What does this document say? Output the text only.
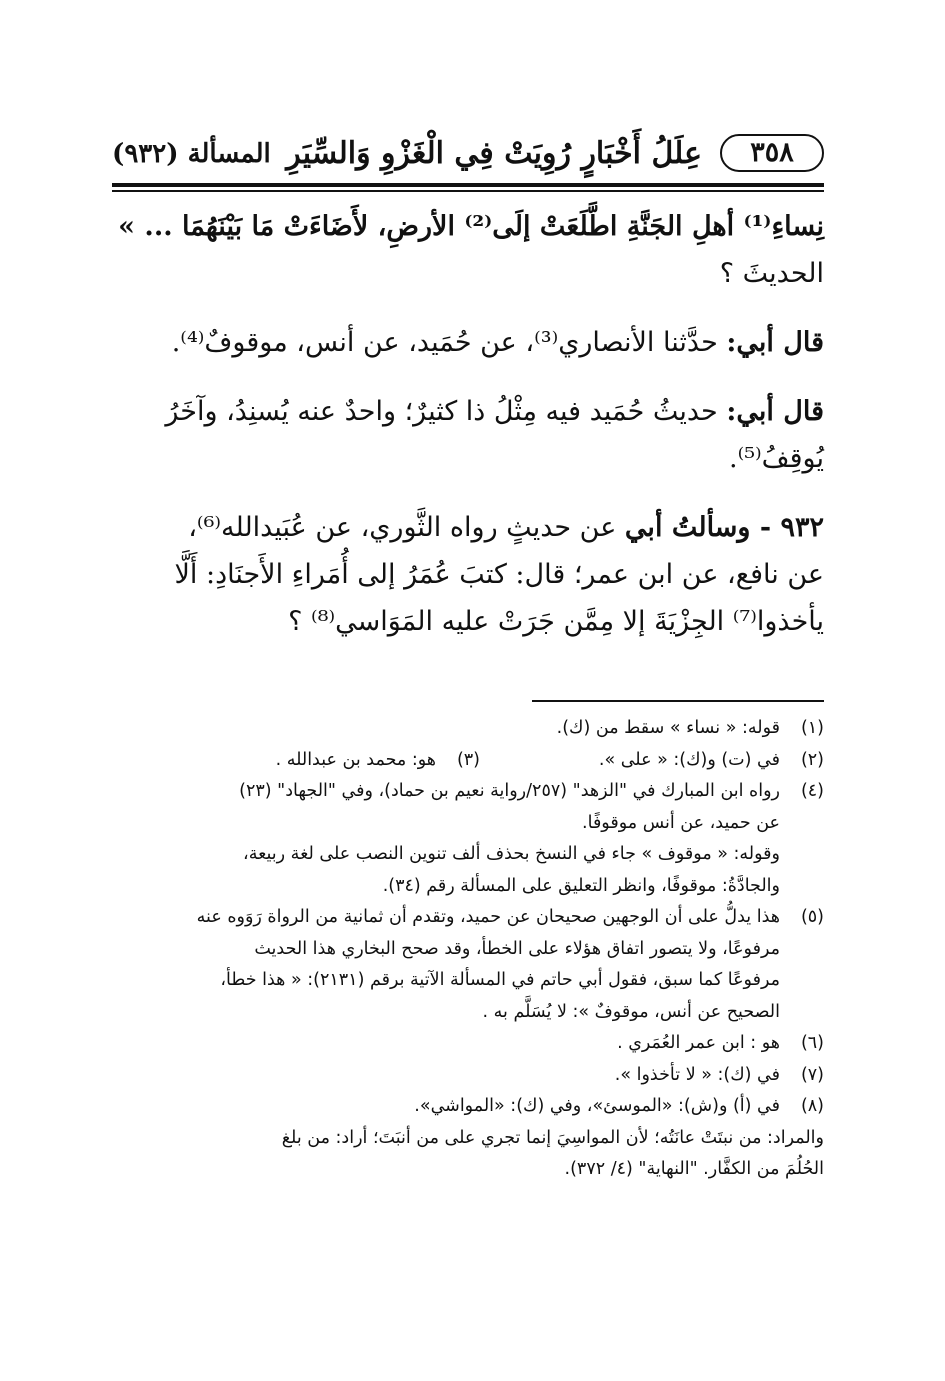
٣٥٨
عِلَلُ أَخْبَارٍ رُوِيَتْ فِي الْغَزْوِ وَالسِّيَرِ
المسألة (٩٣٢)
نِساءِ⁽¹⁾ أهلِ الجَنَّةِ اطَّلَعَتْ إلَى⁽²⁾ الأرضِ، لأَضَاءَتْ مَا بَيْنَهُمَا ... »
الحديثَ ؟
قال أبي: حدَّثنا الأنصاري⁽³⁾، عن حُمَيد، عن أنس، موقوفٌ⁽⁴⁾.
قال أبي: حديثُ حُمَيد فيه مِثْلُ ذا كثيرٌ؛ واحدٌ عنه يُسنِدُ، وآخَرُ
يُوقِفُ⁽⁵⁾.
٩٣٢ - وسألتُ أبي عن حديثٍ رواه الثَّوري، عن عُبَيدالله⁽⁶⁾،
عن نافع، عن ابن عمر؛ قال: كتبَ عُمَرُ إلى أُمَراءِ الأَجنَادِ: أَلَّا
يأخذوا⁽⁷⁾ الجِزْيَةَ إلا مِمَّن جَرَتْ عليه المَوَاسي⁽⁸⁾ ؟
(١)
قوله: « نساء » سقط من (ك).
(٢)
في (ت) و(ك): « على ».
(٣)
هو: محمد بن عبدالله .
(٤)
رواه ابن المبارك في "الزهد" (٢٥٧/رواية نعيم بن حماد)، وفي "الجهاد" (٢٣)
عن حميد، عن أنس موقوفًا.
وقوله: « موقوف » جاء في النسخ بحذف ألف تنوين النصب على لغة ربيعة،
والجادَّةُ: موقوفًا، وانظر التعليق على المسألة رقم (٣٤).
(٥)
هذا يدلُّ على أن الوجهين صحيحان عن حميد، وتقدم أن ثمانية من الرواة رَوَوه عنه
مرفوعًا، ولا يتصور اتفاق هؤلاء على الخطأ، وقد صحح البخاري هذا الحديث
مرفوعًا كما سبق، فقول أبي حاتم في المسألة الآتية برقم (٢١٣١): « هذا خطأ،
الصحيح عن أنس، موقوفٌ »: لا يُسَلَّم به .
(٦)
هو : ابن عمر العُمَري .
(٧)
في (ك): « لا تأخذوا ».
(٨)
في (أ) و(ش): «الموسئ»، وفي (ك): «المواشي».
والمراد: من نبتَتْ عانَتُه؛ لأن المواسِيَ إنما تجري على من أنبَتَ؛ أراد: من بلغ
الحُلُمَ من الكفَّار. "النهاية" (٤/ ٣٧٢).
